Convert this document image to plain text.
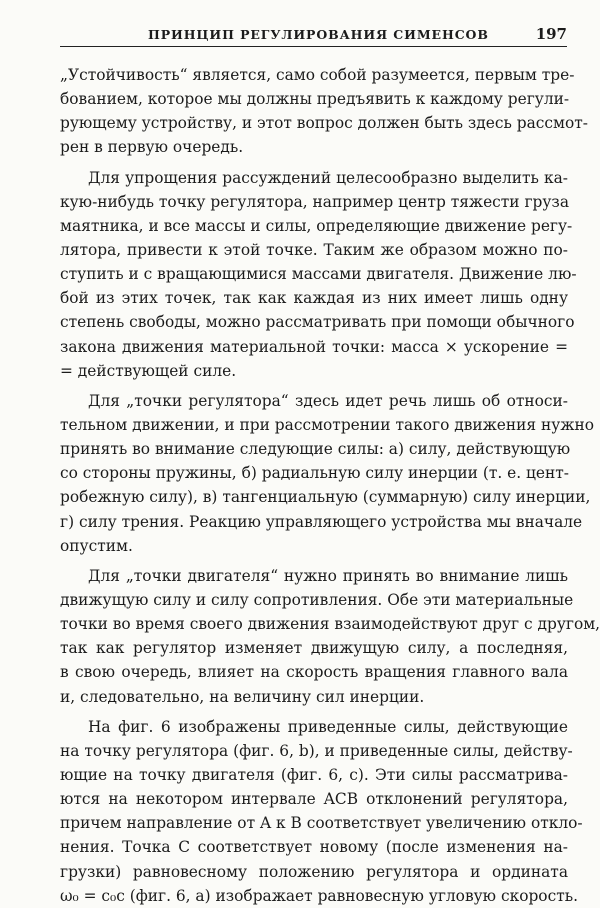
ПРИНЦИП РЕГУЛИРОВАНИЯ СИМЕНСОВ	197

„Устойчивость“ является, само собой разумеется, первым тре-

бованием, которое мы должны предъявить к каждому регули-

рующему устройству, и этот вопрос должен быть здесь рассмот-

рен в первую очередь.

Для упрощения рассуждений целесообразно выделить ка-

кую-нибудь точку регулятора, например центр тяжести груза

маятника, и все массы и силы, определяющие движение регу-

лятора, привести к этой точке. Таким же образом можно по-

ступить и с вращающимися массами двигателя. Движение лю-

бой из этих точек, так как каждая из них имеет лишь одну

степень свободы, можно рассматривать при помощи обычного

закона движения материальной точки: масса × ускорение =

= действующей силе.

Для „точки регулятора“ здесь идет речь лишь об относи-

тельном движении, и при рассмотрении такого движения нужно

принять во внимание следующие силы: а) силу, действующую

со стороны пружины, б) радиальную силу инерции (т. е. цент-

робежную силу), в) тангенциальную (суммарную) силу инерции,

г) силу трения. Реакцию управляющего устройства мы вначале

опустим.

Для „точки двигателя“ нужно принять во внимание лишь

движущую силу и силу сопротивления. Обе эти материальные

точки во время своего движения взаимодействуют друг с другом,

так как регулятор изменяет движущую силу, а последняя,

в свою очередь, влияет на скорость вращения главного вала

и, следовательно, на величину сил инерции.

На фиг. 6 изображены приведенные силы, действующие

на точку регулятора (фиг. 6, b), и приведенные силы, действу-

ющие на точку двигателя (фиг. 6, c). Эти силы рассматрива-

ются на некотором интервале ACB отклонений регулятора,

причем направление от A к B соответствует увеличению откло-

нения. Точка C соответствует новому (после изменения на-

грузки) равновесному положению регулятора и ордината

ω₀ = c₀c (фиг. 6, a) изображает равновесную угловую скорость.
